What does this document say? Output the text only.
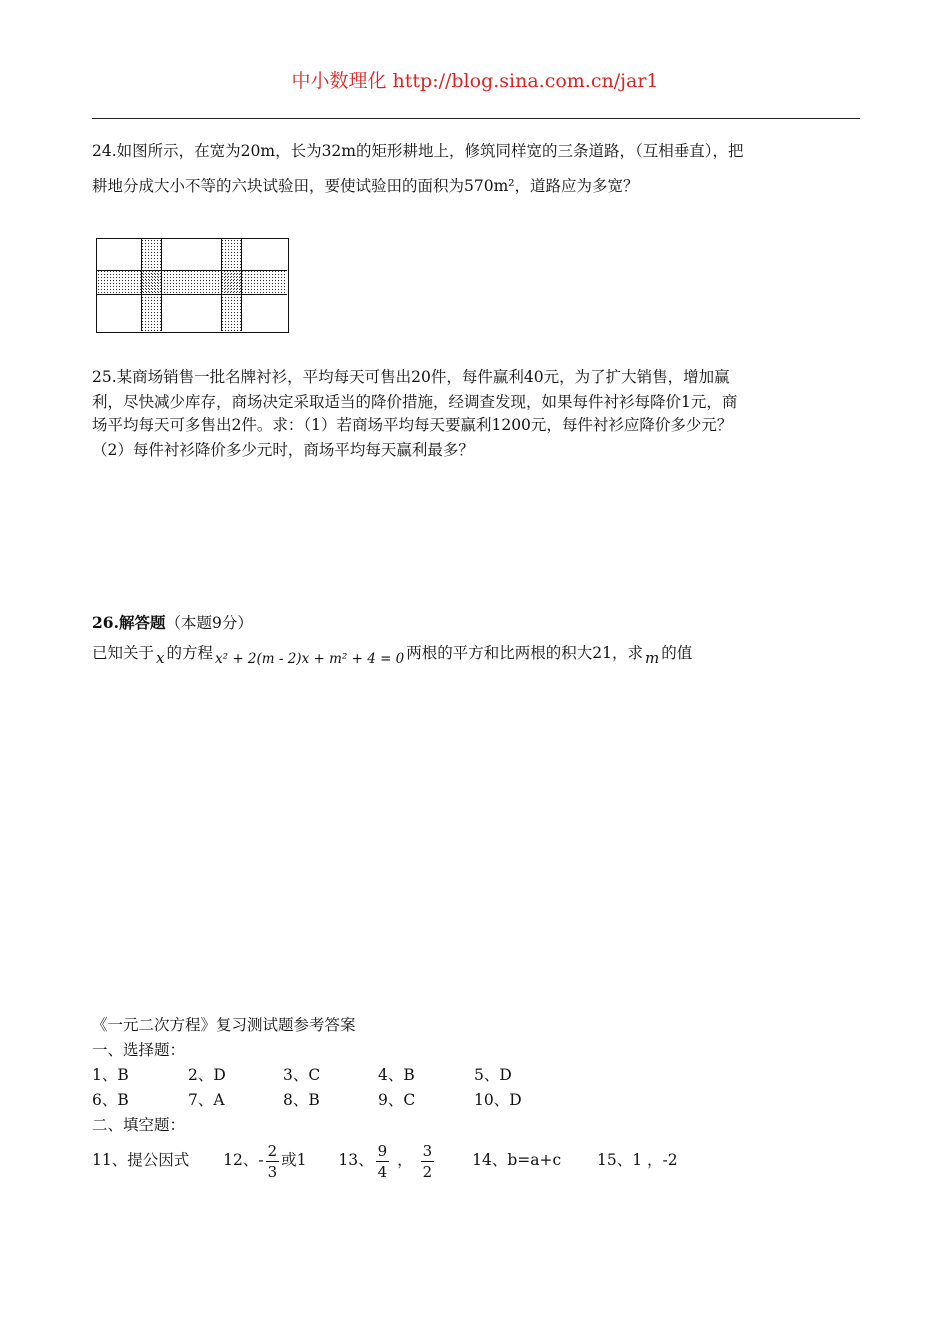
中小数理化 http://blog.sina.com.cn/jar1
24.如图所示，在宽为20m，长为32m的矩形耕地上，修筑同样宽的三条道路，（互相垂直），把
耕地分成大小不等的六块试验田，要使试验田的面积为570m²，道路应为多宽？
25.某商场销售一批名牌衬衫，平均每天可售出20件，每件赢利40元，为了扩大销售，增加赢
利，尽快减少库存，商场决定采取适当的降价措施，经调查发现，如果每件衬衫每降价1元，商
场平均每天可多售出2件。求：（1）若商场平均每天要赢利1200元，每件衬衫应降价多少元？
（2）每件衬衫降价多少元时，商场平均每天赢利最多？
26.解答题（本题9分）
已知关于 x 的方程 x² + 2(m - 2)x + m² + 4 = 0 两根的平方和比两根的积大21，求 m 的值
《一元二次方程》复习测试题参考答案
一、选择题：
1、B	2、D	3、C	4、B	5、D
6、B	7、A	8、B	9、C	10、D
二、填空题：
11、提公因式 12、- $\frac{2}{3}$ 或1 13、 $\frac{9}{4}$ ， $\frac{3}{2} 14$、b=a+c 15、1 ，-2
